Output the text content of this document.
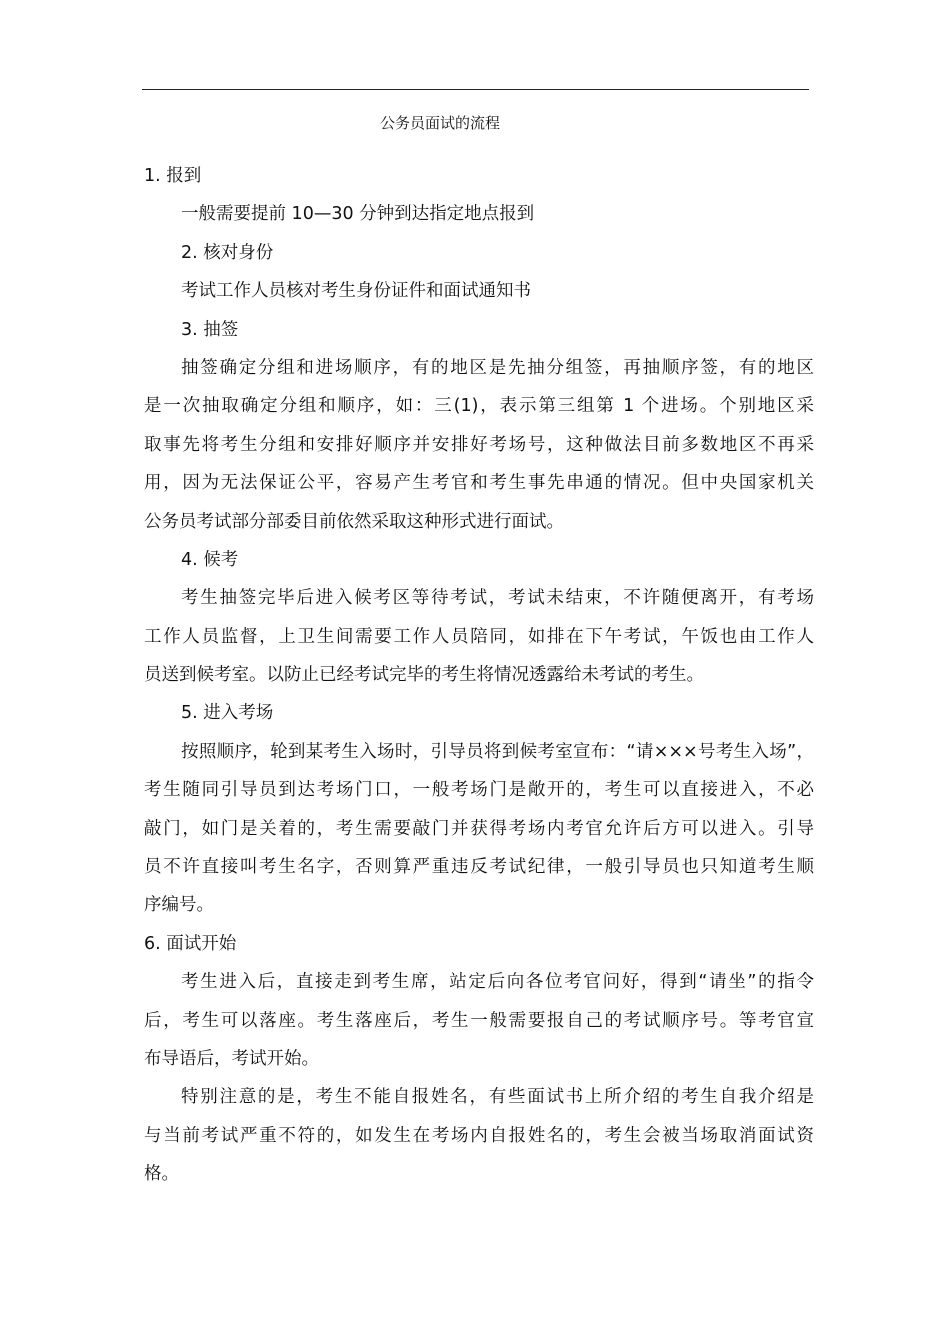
公务员面试的流程
1. 报到
一般需要提前 10—30 分钟到达指定地点报到
2. 核对身份
考试工作人员核对考生身份证件和面试通知书
3. 抽签
抽签确定分组和进场顺序，有的地区是先抽分组签，再抽顺序签，有的地区
是一次抽取确定分组和顺序，如：三(1)，表示第三组第 1 个进场。个别地区采
取事先将考生分组和安排好顺序并安排好考场号，这种做法目前多数地区不再采
用，因为无法保证公平，容易产生考官和考生事先串通的情况。但中央国家机关
公务员考试部分部委目前依然采取这种形式进行面试。
4. 候考
考生抽签完毕后进入候考区等待考试，考试未结束，不许随便离开，有考场
工作人员监督，上卫生间需要工作人员陪同，如排在下午考试，午饭也由工作人
员送到候考室。以防止已经考试完毕的考生将情况透露给未考试的考生。
5. 进入考场
按照顺序，轮到某考生入场时，引导员将到候考室宣布：“请×××号考生入场”，
考生随同引导员到达考场门口，一般考场门是敞开的，考生可以直接进入，不必
敲门，如门是关着的，考生需要敲门并获得考场内考官允许后方可以进入。引导
员不许直接叫考生名字，否则算严重违反考试纪律，一般引导员也只知道考生顺
序编号。
6. 面试开始
考生进入后，直接走到考生席，站定后向各位考官问好，得到“请坐”的指令
后，考生可以落座。考生落座后，考生一般需要报自己的考试顺序号。等考官宣
布导语后，考试开始。
特别注意的是，考生不能自报姓名，有些面试书上所介绍的考生自我介绍是
与当前考试严重不符的，如发生在考场内自报姓名的，考生会被当场取消面试资
格。
